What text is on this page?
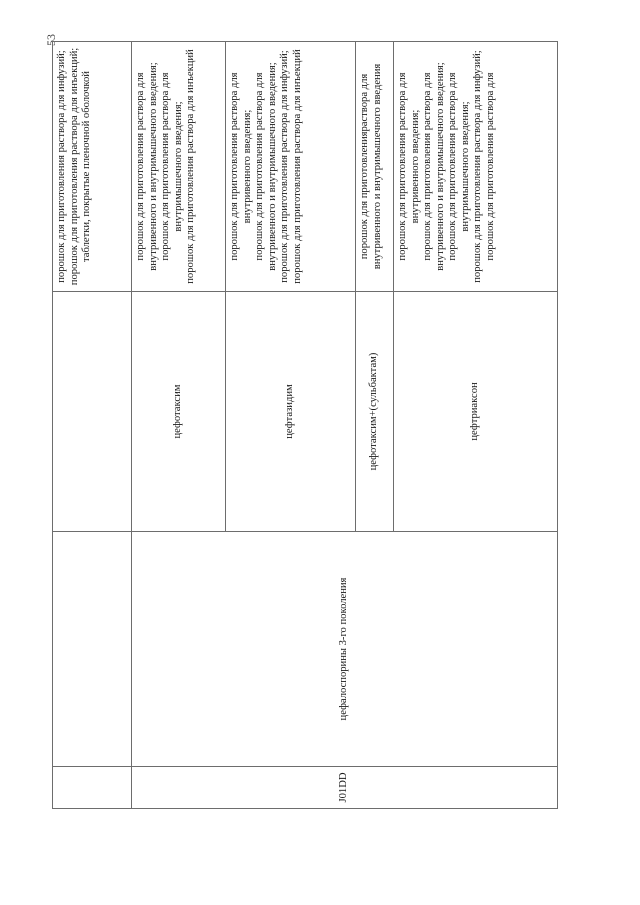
53

			порошок для приготовления раствора для инфузий; порошок для приготовления раствора для инъекций; таблетки, покрытые пленочной оболочкой

J01DD	цефалоспорины 3-го поколения	цефотаксим	порошок для приготовления раствора для внутривенного и внутримышечного введения; порошок для приготовления раствора для внутримышечного введения; порошок для приготовления раствора для инъекций

		цефтазидим	порошок для приготовления раствора для внутривенного введения; порошок для приготовления раствора для внутривенного и внутримышечного введения; порошок для приготовления раствора для инфузий; порошок для приготовления раствора для инъекций

		цефотаксим+(сульбактам)	порошок для приготовленияраствора для внутривенного и внутримышечного введения

		цефтриаксон	порошок для приготовления раствора для внутривенного введения; порошок для приготовления раствора для внутривенного и внутримышечного введения; порошок для приготовления раствора для внутримышечного введения; порошок для приготовления раствора для инфузий; порошок для приготовления раствора для
